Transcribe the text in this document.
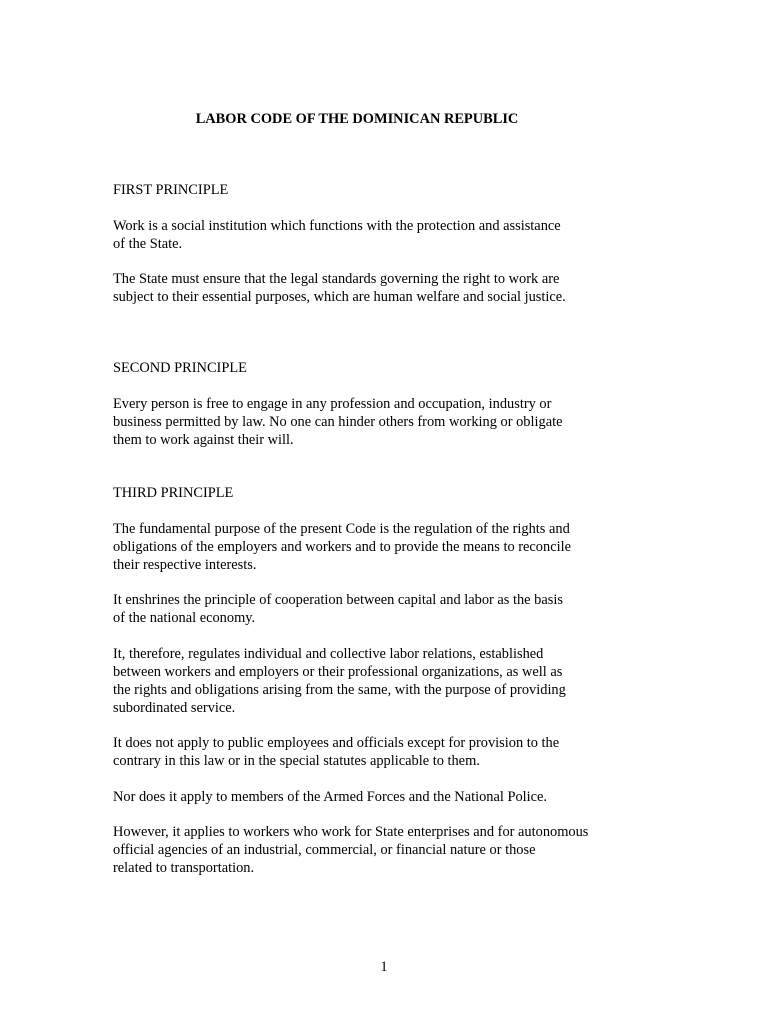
LABOR CODE OF THE DOMINICAN REPUBLIC

FIRST PRINCIPLE

Work is a social institution which functions with the protection and assistance
of the State.
The State must ensure that the legal standards governing the right to work are
subject to their essential purposes, which are human welfare and social justice.

SECOND PRINCIPLE

Every person is free to engage in any profession and occupation, industry or
business permitted by law. No one can hinder others from working or obligate
them to work against their will.

THIRD PRINCIPLE

The fundamental purpose of the present Code is the regulation of the rights and
obligations of the employers and workers and to provide the means to reconcile
their respective interests.
It enshrines the principle of cooperation between capital and labor as the basis
of the national economy.
It, therefore, regulates individual and collective labor relations, established
between workers and employers or their professional organizations, as well as
the rights and obligations arising from the same, with the purpose of providing
subordinated service.
It does not apply to public employees and officials except for provision to the
contrary in this law or in the special statutes applicable to them.
Nor does it apply to members of the Armed Forces and the National Police.
However, it applies to workers who work for State enterprises and for autonomous
official agencies of an industrial, commercial, or financial nature or those
related to transportation.

1
